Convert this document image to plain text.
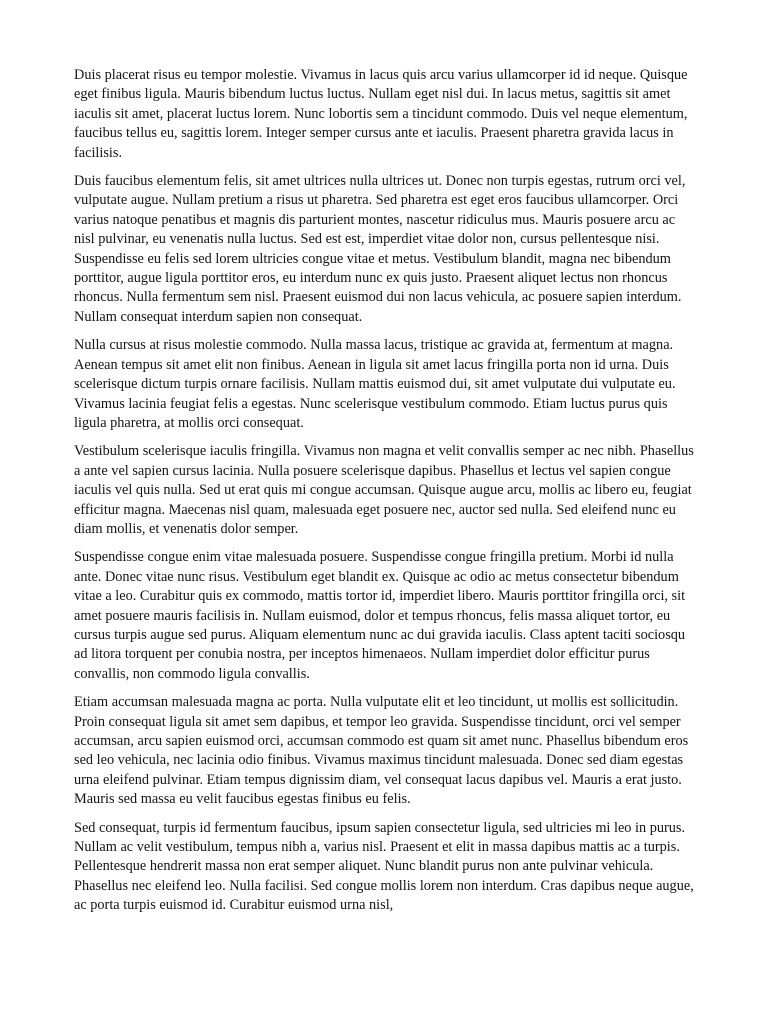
Duis placerat risus eu tempor molestie. Vivamus in lacus quis arcu varius ullamcorper id id neque. Quisque eget finibus ligula. Mauris bibendum luctus luctus. Nullam eget nisl dui. In lacus metus, sagittis sit amet iaculis sit amet, placerat luctus lorem. Nunc lobortis sem a tincidunt commodo. Duis vel neque elementum, faucibus tellus eu, sagittis lorem. Integer semper cursus ante et iaculis. Praesent pharetra gravida lacus in facilisis.

Duis faucibus elementum felis, sit amet ultrices nulla ultrices ut. Donec non turpis egestas, rutrum orci vel, vulputate augue. Nullam pretium a risus ut pharetra. Sed pharetra est eget eros faucibus ullamcorper. Orci varius natoque penatibus et magnis dis parturient montes, nascetur ridiculus mus. Mauris posuere arcu ac nisl pulvinar, eu venenatis nulla luctus. Sed est est, imperdiet vitae dolor non, cursus pellentesque nisi. Suspendisse eu felis sed lorem ultricies congue vitae et metus. Vestibulum blandit, magna nec bibendum porttitor, augue ligula porttitor eros, eu interdum nunc ex quis justo. Praesent aliquet lectus non rhoncus rhoncus. Nulla fermentum sem nisl. Praesent euismod dui non lacus vehicula, ac posuere sapien interdum. Nullam consequat interdum sapien non consequat.

Nulla cursus at risus molestie commodo. Nulla massa lacus, tristique ac gravida at, fermentum at magna. Aenean tempus sit amet elit non finibus. Aenean in ligula sit amet lacus fringilla porta non id urna. Duis scelerisque dictum turpis ornare facilisis. Nullam mattis euismod dui, sit amet vulputate dui vulputate eu. Vivamus lacinia feugiat felis a egestas. Nunc scelerisque vestibulum commodo. Etiam luctus purus quis ligula pharetra, at mollis orci consequat.

Vestibulum scelerisque iaculis fringilla. Vivamus non magna et velit convallis semper ac nec nibh. Phasellus a ante vel sapien cursus lacinia. Nulla posuere scelerisque dapibus. Phasellus et lectus vel sapien congue iaculis vel quis nulla. Sed ut erat quis mi congue accumsan. Quisque augue arcu, mollis ac libero eu, feugiat efficitur magna. Maecenas nisl quam, malesuada eget posuere nec, auctor sed nulla. Sed eleifend nunc eu diam mollis, et venenatis dolor semper.

Suspendisse congue enim vitae malesuada posuere. Suspendisse congue fringilla pretium. Morbi id nulla ante. Donec vitae nunc risus. Vestibulum eget blandit ex. Quisque ac odio ac metus consectetur bibendum vitae a leo. Curabitur quis ex commodo, mattis tortor id, imperdiet libero. Mauris porttitor fringilla orci, sit amet posuere mauris facilisis in. Nullam euismod, dolor et tempus rhoncus, felis massa aliquet tortor, eu cursus turpis augue sed purus. Aliquam elementum nunc ac dui gravida iaculis. Class aptent taciti sociosqu ad litora torquent per conubia nostra, per inceptos himenaeos. Nullam imperdiet dolor efficitur purus convallis, non commodo ligula convallis.

Etiam accumsan malesuada magna ac porta. Nulla vulputate elit et leo tincidunt, ut mollis est sollicitudin. Proin consequat ligula sit amet sem dapibus, et tempor leo gravida. Suspendisse tincidunt, orci vel semper accumsan, arcu sapien euismod orci, accumsan commodo est quam sit amet nunc. Phasellus bibendum eros sed leo vehicula, nec lacinia odio finibus. Vivamus maximus tincidunt malesuada. Donec sed diam egestas urna eleifend pulvinar. Etiam tempus dignissim diam, vel consequat lacus dapibus vel. Mauris a erat justo. Mauris sed massa eu velit faucibus egestas finibus eu felis.

Sed consequat, turpis id fermentum faucibus, ipsum sapien consectetur ligula, sed ultricies mi leo in purus. Nullam ac velit vestibulum, tempus nibh a, varius nisl. Praesent et elit in massa dapibus mattis ac a turpis. Pellentesque hendrerit massa non erat semper aliquet. Nunc blandit purus non ante pulvinar vehicula. Phasellus nec eleifend leo. Nulla facilisi. Sed congue mollis lorem non interdum. Cras dapibus neque augue, ac porta turpis euismod id. Curabitur euismod urna nisl,
